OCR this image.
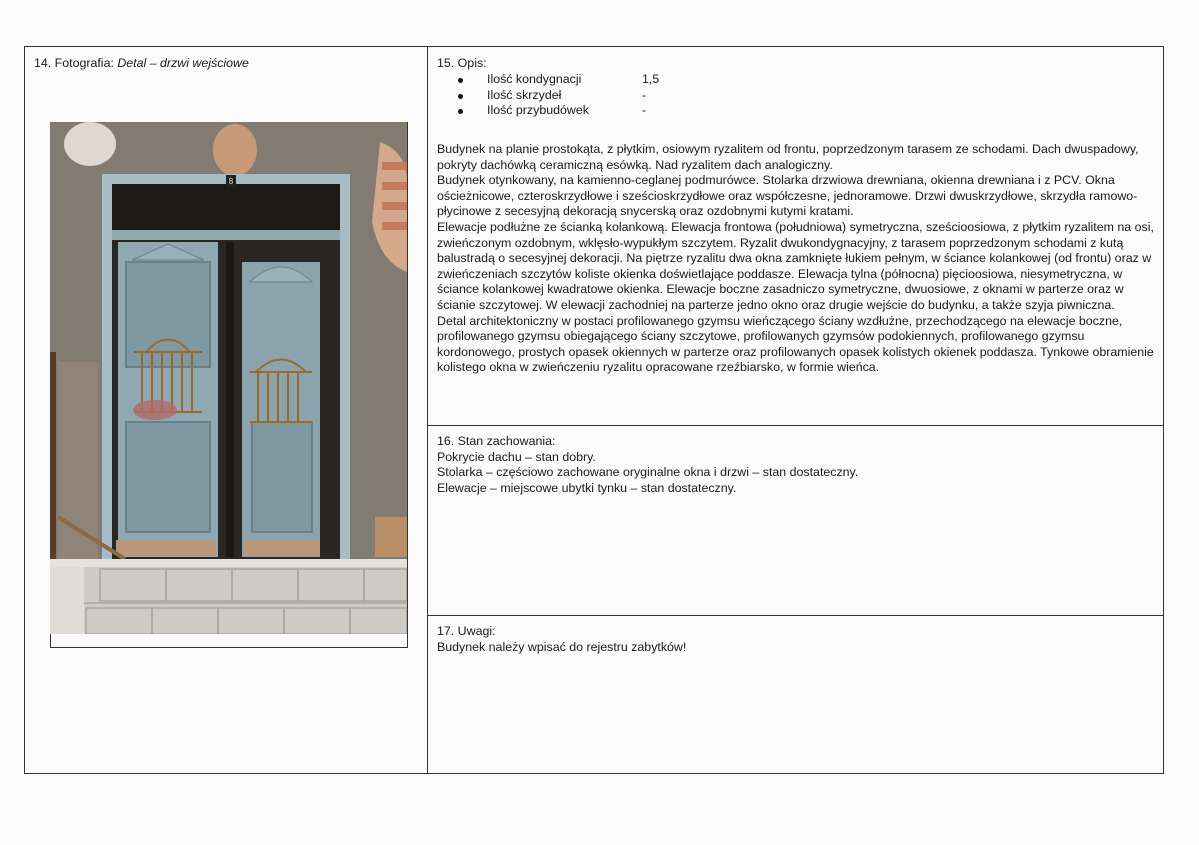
14. Fotografia: Detal – drzwi wejściowe
8
15. Opis:
Ilość kondygnacji	1,5
Ilość skrzydeł	-
Ilość przybudówek	-

Budynek na planie prostokąta, z płytkim, osiowym ryzalitem od frontu, poprzedzonym tarasem ze schodami. Dach dwuspadowy, pokryty dachówką ceramiczną esówką. Nad ryzalitem dach analogiczny.

Budynek otynkowany, na kamienno-ceglanej podmurówce. Stolarka drzwiowa drewniana, okienna drewniana i z PCV. Okna ościeżnicowe, czteroskrzydłowe i sześcioskrzydłowe oraz współczesne, jednoramowe. Drzwi dwuskrzydłowe, skrzydła ramowo-płycinowe z secesyjną dekoracją snycerską oraz ozdobnymi kutymi kratami.

Elewacje podłużne ze ścianką kolankową. Elewacja frontowa (południowa) symetryczna, sześcioosiowa, z płytkim ryzalitem na osi, zwieńczonym ozdobnym, wklęsło-wypukłym szczytem. Ryzalit dwukondygnacyjny, z tarasem poprzedzonym schodami z kutą balustradą o secesyjnej dekoracji. Na piętrze ryzalitu dwa okna zamknięte łukiem pełnym, w ściance kolankowej (od frontu) oraz w zwieńczeniach szczytów koliste okienka doświetlające poddasze. Elewacja tylna (północna) pięcioosiowa, niesymetryczna, w ściance kolankowej kwadratowe okienka. Elewacje boczne zasadniczo symetryczne, dwuosiowe, z oknami w parterze oraz w ścianie szczytowej. W elewacji zachodniej na parterze jedno okno oraz drugie wejście do budynku, a także szyja piwniczna.

Detal architektoniczny w postaci profilowanego gzymsu wieńczącego ściany wzdłużne, przechodzącego na elewacje boczne, profilowanego gzymsu obiegającego ściany szczytowe, profilowanych gzymsów podokiennych, profilowanego gzymsu kordonowego, prostych opasek okiennych w parterze oraz profilowanych opasek kolistych okienek poddasza. Tynkowe obramienie kolistego okna w zwieńczeniu ryzalitu opracowane rzeźbiarsko, w formie wieńca.

16. Stan zachowania:

Pokrycie dachu – stan dobry.

Stolarka – częściowo zachowane oryginalne okna i drzwi – stan dostateczny.

Elewacje – miejscowe ubytki tynku – stan dostateczny.

17. Uwagi:

Budynek należy wpisać do rejestru zabytków!
